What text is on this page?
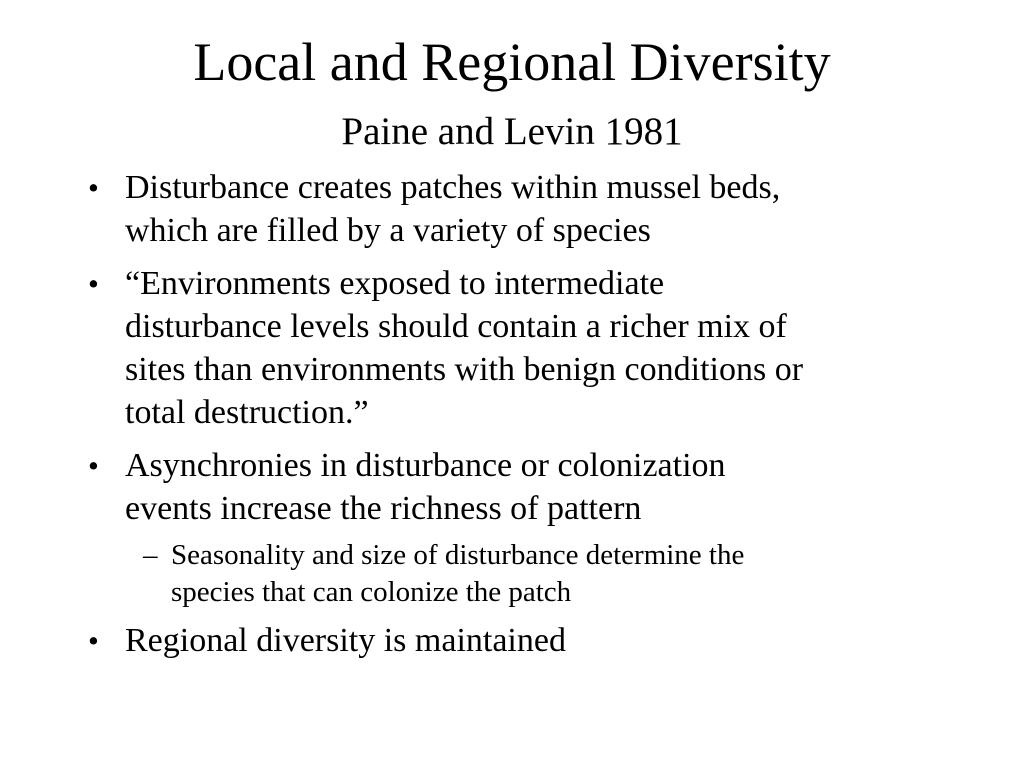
Local and Regional Diversity
Paine and Levin 1981
• Disturbance creates patches within mussel beds,
which are filled by a variety of species
• “Environments exposed to intermediate
disturbance levels should contain a richer mix of
sites than environments with benign conditions or
total destruction.”
• Asynchronies in disturbance or colonization
events increase the richness of pattern
– Seasonality and size of disturbance determine the
species that can colonize the patch
• Regional diversity is maintained
